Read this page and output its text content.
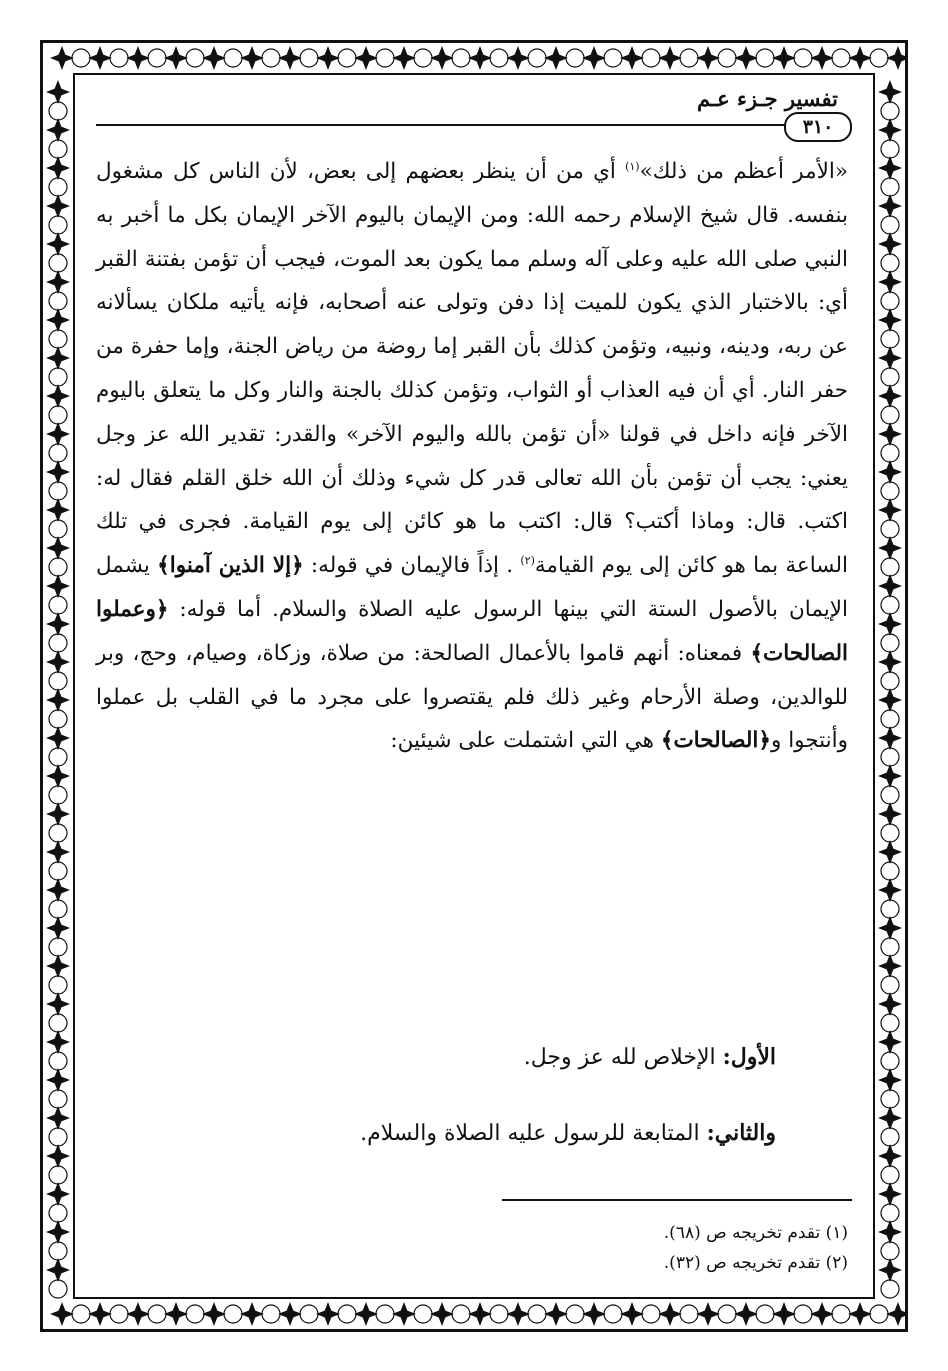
تفسير جـزء عـم
٣١٠

«الأمر أعظم من ذلك»$^{(١)}$ أي من أن ينظر بعضهم إلى بعض، لأن الناس كل مشغول بنفسه. قال شيخ الإسلام رحمه الله: ومن الإيمان باليوم الآخر الإيمان بكل ما أخبر به النبي صلى الله عليه وعلى آله وسلم مما يكون بعد الموت، فيجب أن تؤمن بفتنة القبر أي: بالاختبار الذي يكون للميت إذا دفن وتولى عنه أصحابه، فإنه يأتيه ملكان يسألانه عن ربه، ودينه، ونبيه، وتؤمن كذلك بأن القبر إما روضة من رياض الجنة، وإما حفرة من حفر النار. أي أن فيه العذاب أو الثواب، وتؤمن كذلك بالجنة والنار وكل ما يتعلق باليوم الآخر فإنه داخل في قولنا «أن تؤمن بالله واليوم الآخر» والقدر: تقدير الله عز وجل يعني: يجب أن تؤمن بأن الله تعالى قدر كل شيء وذلك أن الله خلق القلم فقال له: اكتب. قال: وماذا أكتب؟ قال: اكتب ما هو كائن إلى يوم القيامة. فجرى في تلك الساعة بما هو كائن إلى يوم القيامة$^{(٢)}$ . إذاً فالإيمان في قوله: ﴿إلا الذين آمنوا﴾ يشمل الإيمان بالأصول الستة التي بينها الرسول عليه الصلاة والسلام. أما قوله: ﴿وعملوا الصالحات﴾ فمعناه: أنهم قاموا بالأعمال الصالحة: من صلاة، وزكاة، وصيام، وحج، وبر للوالدين، وصلة الأرحام وغير ذلك فلم يقتصروا على مجرد ما في القلب بل عملوا وأنتجوا و﴿الصالحات﴾ هي التي اشتملت على شيئين:

الأول: الإخلاص لله عز وجل.
والثاني: المتابعة للرسول عليه الصلاة والسلام.
(١) تقدم تخريجه ص (٦٨).
(٢) تقدم تخريجه ص (٣٢).
